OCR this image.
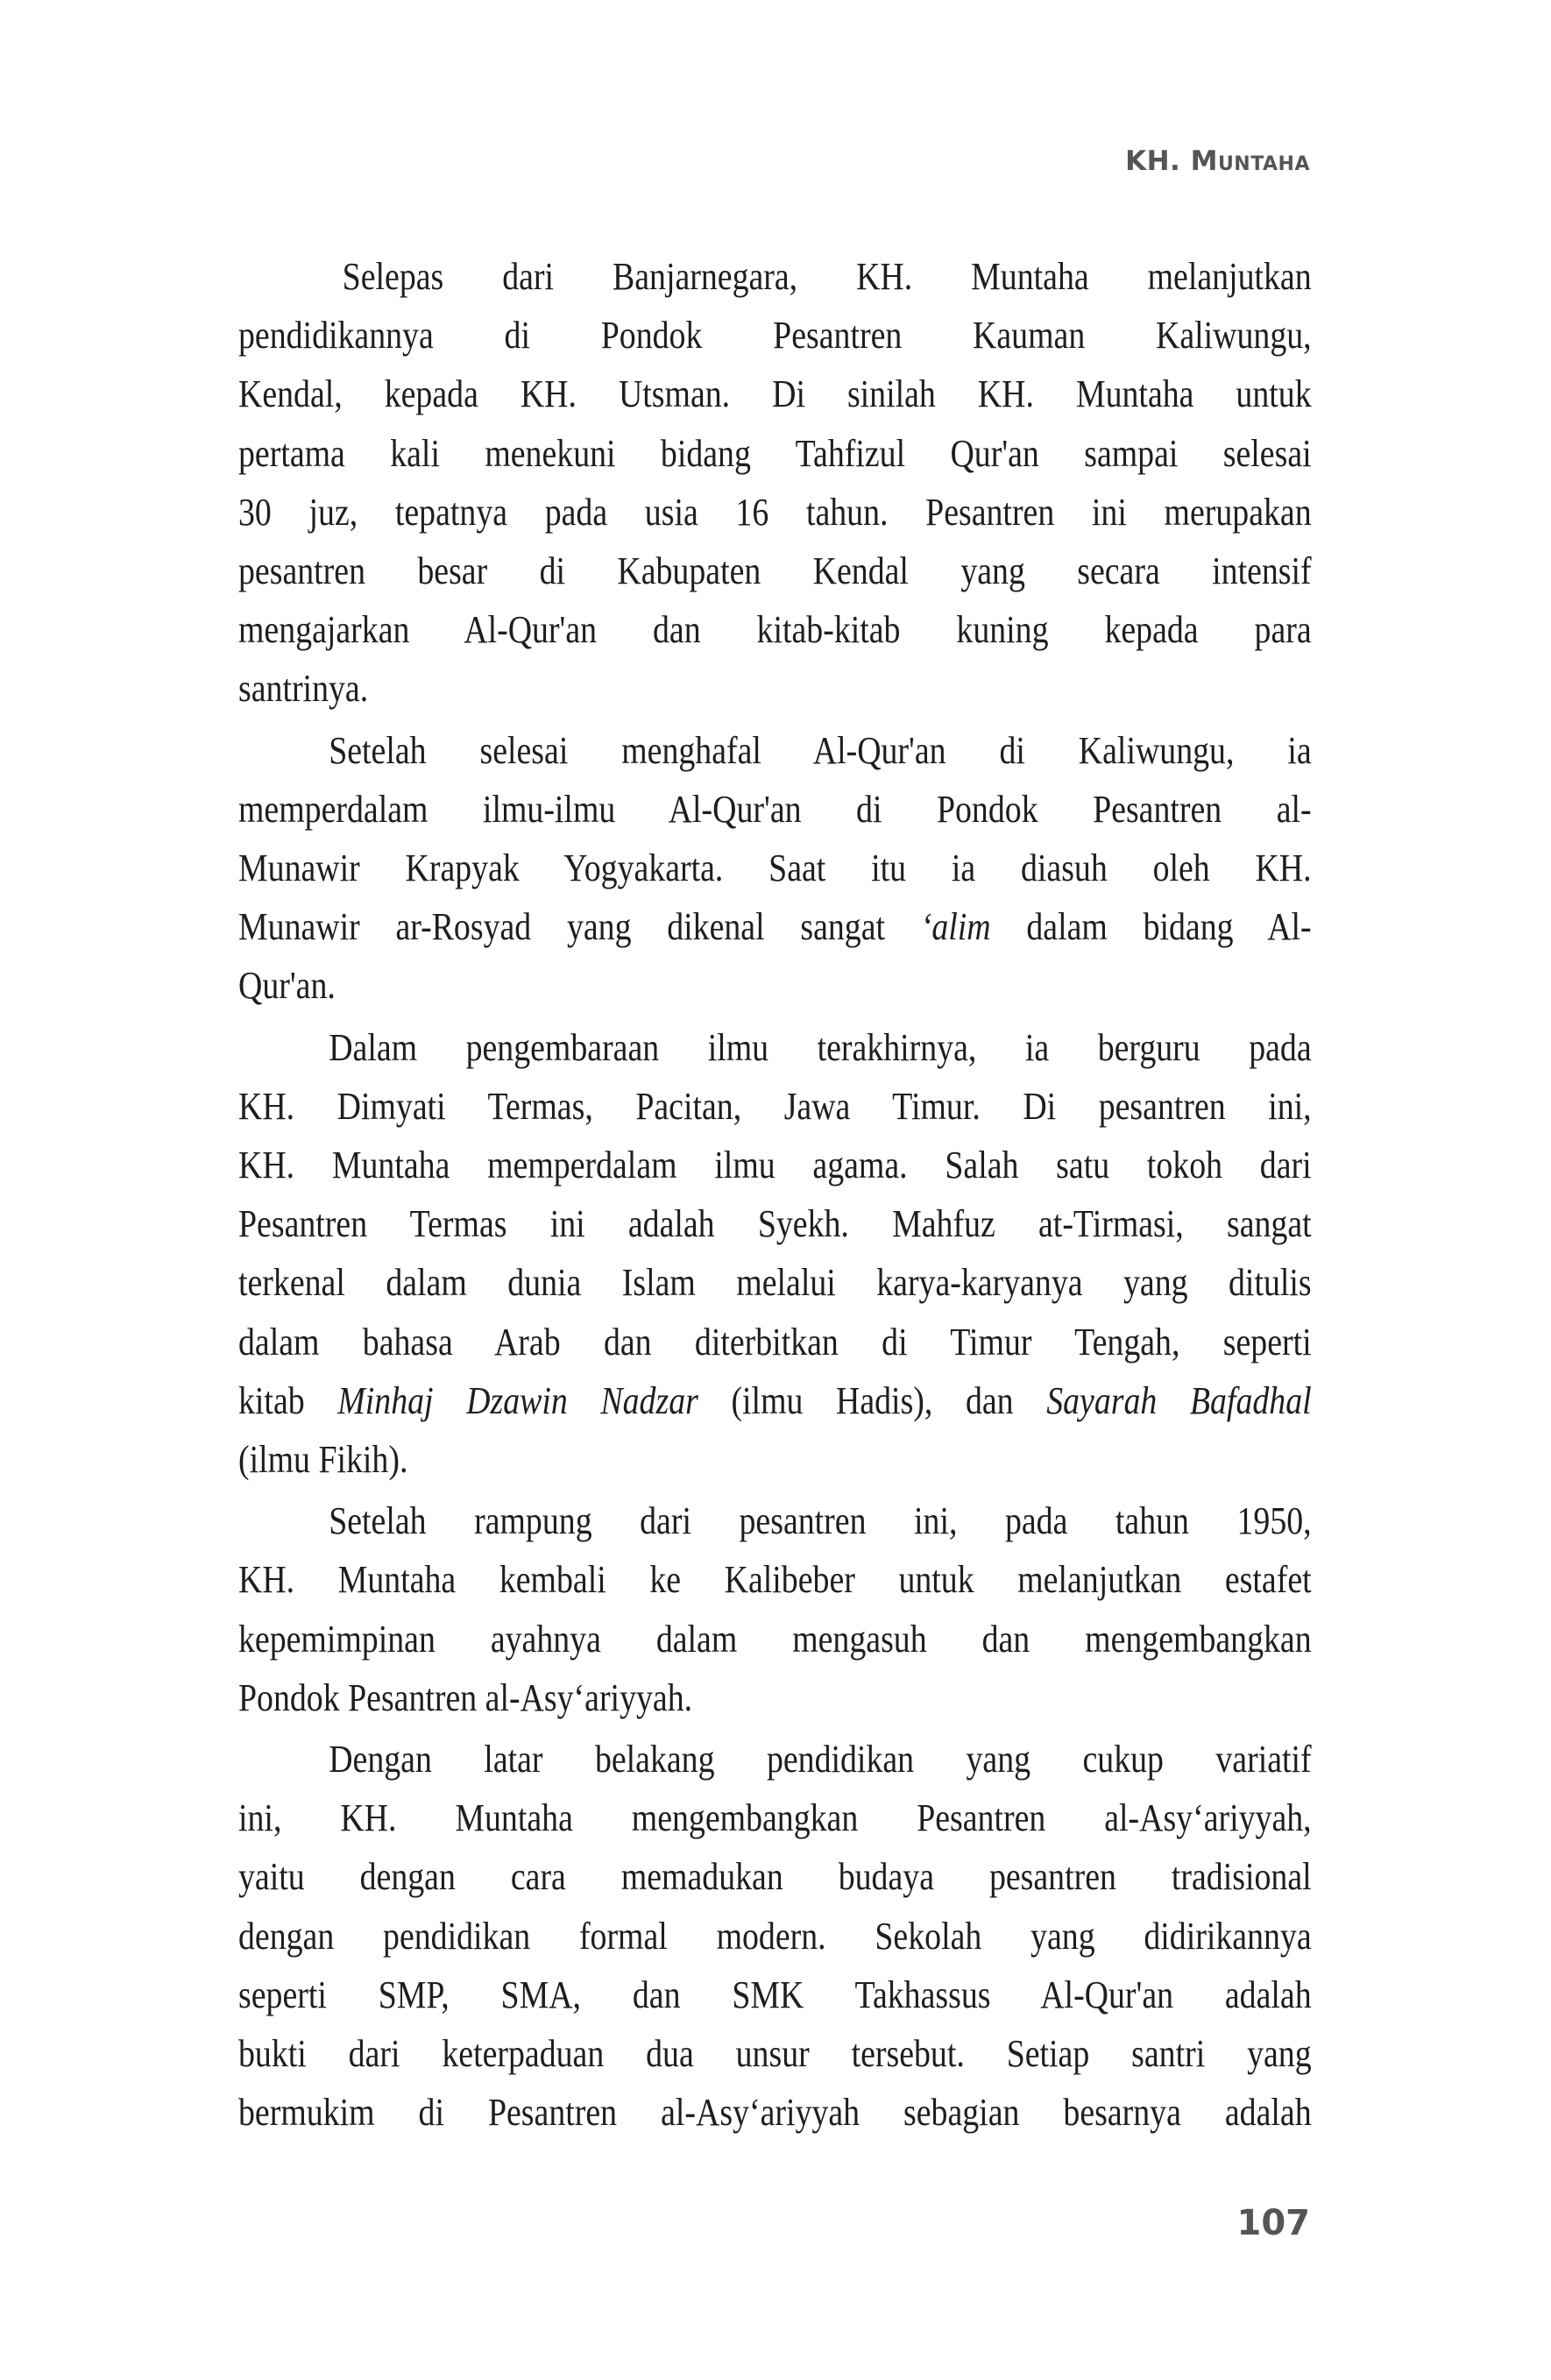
KH. Muntaha
Selepas dari Banjarnegara, KH. Muntaha melanjutkan
pendidikannya di Pondok Pesantren Kauman Kaliwungu,
Kendal, kepada KH. Utsman. Di sinilah KH. Muntaha untuk
pertama kali menekuni bidang Tahfizul Qur'an sampai selesai
30 juz, tepatnya pada usia 16 tahun. Pesantren ini merupakan
pesantren besar di Kabupaten Kendal yang secara intensif
mengajarkan Al-Qur'an dan kitab-kitab kuning kepada para
santrinya.
Setelah selesai menghafal Al-Qur'an di Kaliwungu, ia
memperdalam ilmu-ilmu Al-Qur'an di Pondok Pesantren al-
Munawir Krapyak Yogyakarta. Saat itu ia diasuh oleh KH.
Munawir ar-Rosyad yang dikenal sangat ‘alim dalam bidang Al-
Qur'an.
Dalam pengembaraan ilmu terakhirnya, ia berguru pada
KH. Dimyati Termas, Pacitan, Jawa Timur. Di pesantren ini,
KH. Muntaha memperdalam ilmu agama. Salah satu tokoh dari
Pesantren Termas ini adalah Syekh. Mahfuz at-Tirmasi, sangat
terkenal dalam dunia Islam melalui karya-karyanya yang ditulis
dalam bahasa Arab dan diterbitkan di Timur Tengah, seperti
kitab Minhaj Dzawin Nadzar (ilmu Hadis), dan Sayarah Bafadhal
(ilmu Fikih).
Setelah rampung dari pesantren ini, pada tahun 1950,
KH. Muntaha kembali ke Kalibeber untuk melanjutkan estafet
kepemimpinan ayahnya dalam mengasuh dan mengembangkan
Pondok Pesantren al-Asy‘ariyyah.
Dengan latar belakang pendidikan yang cukup variatif
ini, KH. Muntaha mengembangkan Pesantren al-Asy‘ariyyah,
yaitu dengan cara memadukan budaya pesantren tradisional
dengan pendidikan formal modern. Sekolah yang didirikannya
seperti SMP, SMA, dan SMK Takhassus Al-Qur'an adalah
bukti dari keterpaduan dua unsur tersebut. Setiap santri yang
bermukim di Pesantren al-Asy‘ariyyah sebagian besarnya adalah
107
